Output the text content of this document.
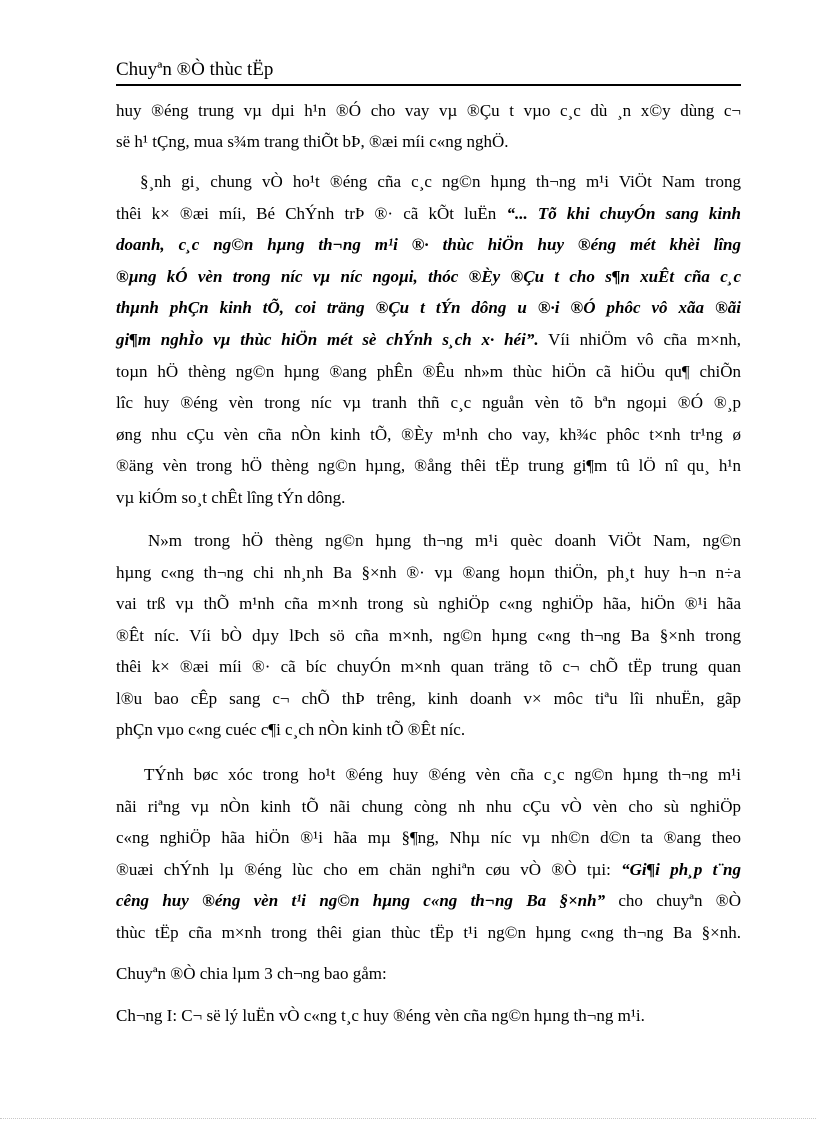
Chuyªn ®Ò thùc tËp
huy ®éng trung vµ dµi h¹n ®Ó cho vay vµ ®Çu t vµo c¸c dù ¸n x©y dùng c¬
së h¹ tÇng, mua s¾m trang thiÕt bÞ, ®æi míi c«ng nghÖ.
§¸nh gi¸ chung vÒ ho¹t ®éng cña c¸c ng©n hµng th¬ng m¹i ViÖt Nam trong
thêi k× ®æi míi, Bé ChÝnh trÞ ®· cã kÕt luËn “... Tõ khi chuyÓn sang kinh
doanh, c¸c ng©n hµng th¬ng m¹i ®· thùc hiÖn huy ®éng mét khèi lîng
®µng kÓ vèn trong níc vµ níc ngoµi, thóc ®Èy ®Çu t cho s¶n xuÊt cña c¸c
thµnh phÇn kinh tÕ, coi träng ®Çu t tÝn dông u ®·i ®Ó phôc vô xãa ®ãi
gi¶m nghÌo vµ thùc hiÖn mét sè chÝnh s¸ch x· héi”. Víi nhiÖm vô cña m×nh,
toµn hÖ thèng ng©n hµng ®ang phÊn ®Êu nh»m thùc hiÖn cã hiÖu qu¶ chiÕn
lîc huy ®éng vèn trong níc vµ tranh thñ c¸c nguån vèn tõ bªn ngoµi ®Ó ®¸p
øng nhu cÇu vèn cña nÒn kinh tÕ, ®Èy m¹nh cho vay, kh¾c phôc t×nh tr¹ng ø
®äng vèn trong hÖ thèng ng©n hµng, ®ång thêi tËp trung gi¶m tû lÖ nî qu¸ h¹n
vµ kiÓm so¸t chÊt lîng tÝn dông.
N»m trong hÖ thèng ng©n hµng th¬ng m¹i quèc doanh ViÖt Nam, ng©n
hµng c«ng th¬ng chi nh¸nh Ba §×nh ®· vµ ®ang hoµn thiÖn, ph¸t huy h¬n n÷a
vai trß vµ thÕ m¹nh cña m×nh trong sù nghiÖp c«ng nghiÖp hãa, hiÖn ®¹i hãa
®Êt níc. Víi bÒ dµy lÞch sö cña m×nh, ng©n hµng c«ng th¬ng Ba §×nh trong
thêi k× ®æi míi ®· cã bíc chuyÓn m×nh quan träng tõ c¬ chÕ tËp trung quan
l®u bao cÊp sang c¬ chÕ thÞ trêng, kinh doanh v× môc tiªu lîi nhuËn, gãp
phÇn vµo c«ng cuéc c¶i c¸ch nÒn kinh tÕ ®Êt níc.
TÝnh bøc xóc trong ho¹t ®éng huy ®éng vèn cña c¸c ng©n hµng th¬ng m¹i
nãi riªng vµ nÒn kinh tÕ nãi chung còng nh nhu cÇu vÒ vèn cho sù nghiÖp
c«ng nghiÖp hãa hiÖn ®¹i hãa mµ §¶ng, Nhµ níc vµ nh©n d©n ta ®ang theo
®uæi chÝnh lµ ®éng lùc cho em chän nghiªn cøu vÒ ®Ò tµi: “Gi¶i ph¸p t¨ng
cêng huy ®éng vèn t¹i ng©n hµng c«ng th¬ng Ba §×nh” cho chuyªn ®Ò
thùc tËp cña m×nh trong thêi gian thùc tËp t¹i ng©n hµng c«ng th¬ng Ba §×nh.
Chuyªn ®Ò chia lµm 3 ch¬ng bao gåm:
Ch¬ng I: C¬ së lý luËn vÒ c«ng t¸c huy ®éng vèn cña ng©n hµng th¬ng m¹i.
